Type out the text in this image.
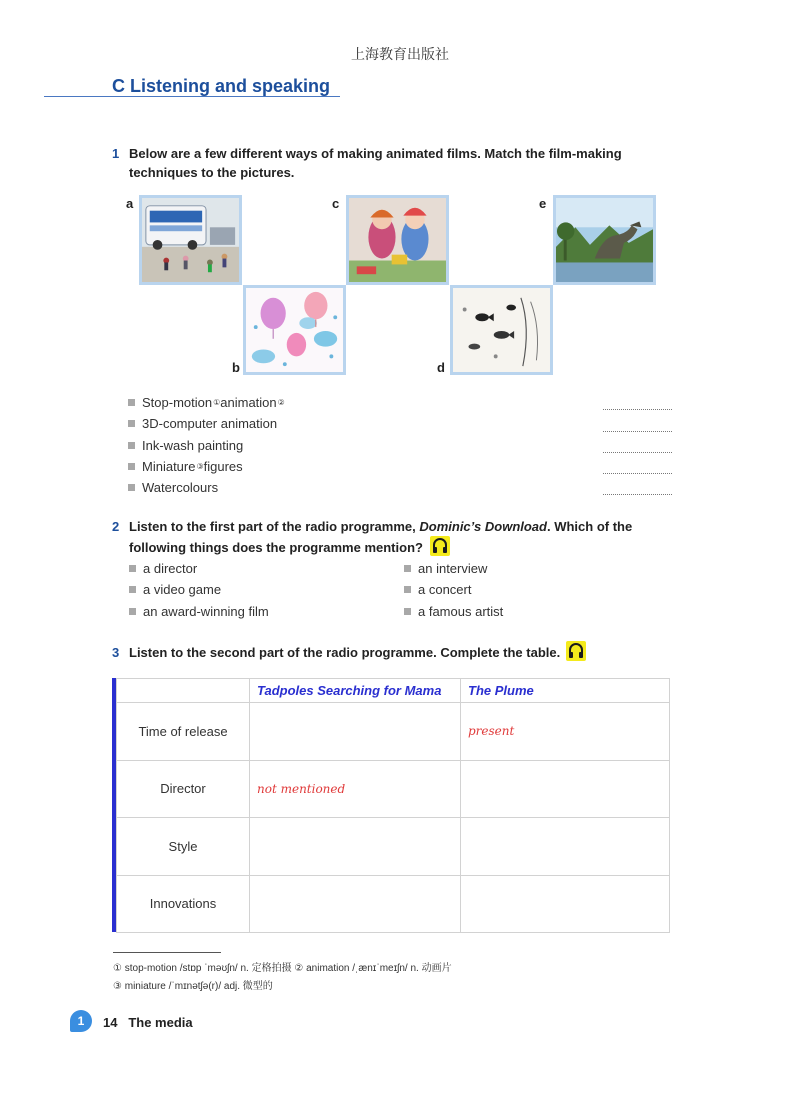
上海教育出版社
C Listening and speaking
1 Below are a few different ways of making animated films. Match the film-making
techniques to the pictures.
a	c	e
b	d
Stop-motion ① animation ②
3D-computer animation
Ink-wash painting
Miniature ③ figures
Watercolours
2 Listen to the first part of the radio programme, Dominic’s Download. Which of the
following things does the programme mention?
a director
a video game
an award-winning film
an interview
a concert
a famous artist
3 Listen to the second part of the radio programme. Complete the table.
	Tadpoles Searching for Mama	The Plume
Time of release		present
Director	not mentioned	
Style		
Innovations		
① stop-motion /stɒp ˈməʊʃn/ n. 定格拍摄 ② animation /ˌænɪˈmeɪʃn/ n. 动画片
③ miniature /ˈmɪnətʃə(r)/ adj. 微型的
1	14 The media
